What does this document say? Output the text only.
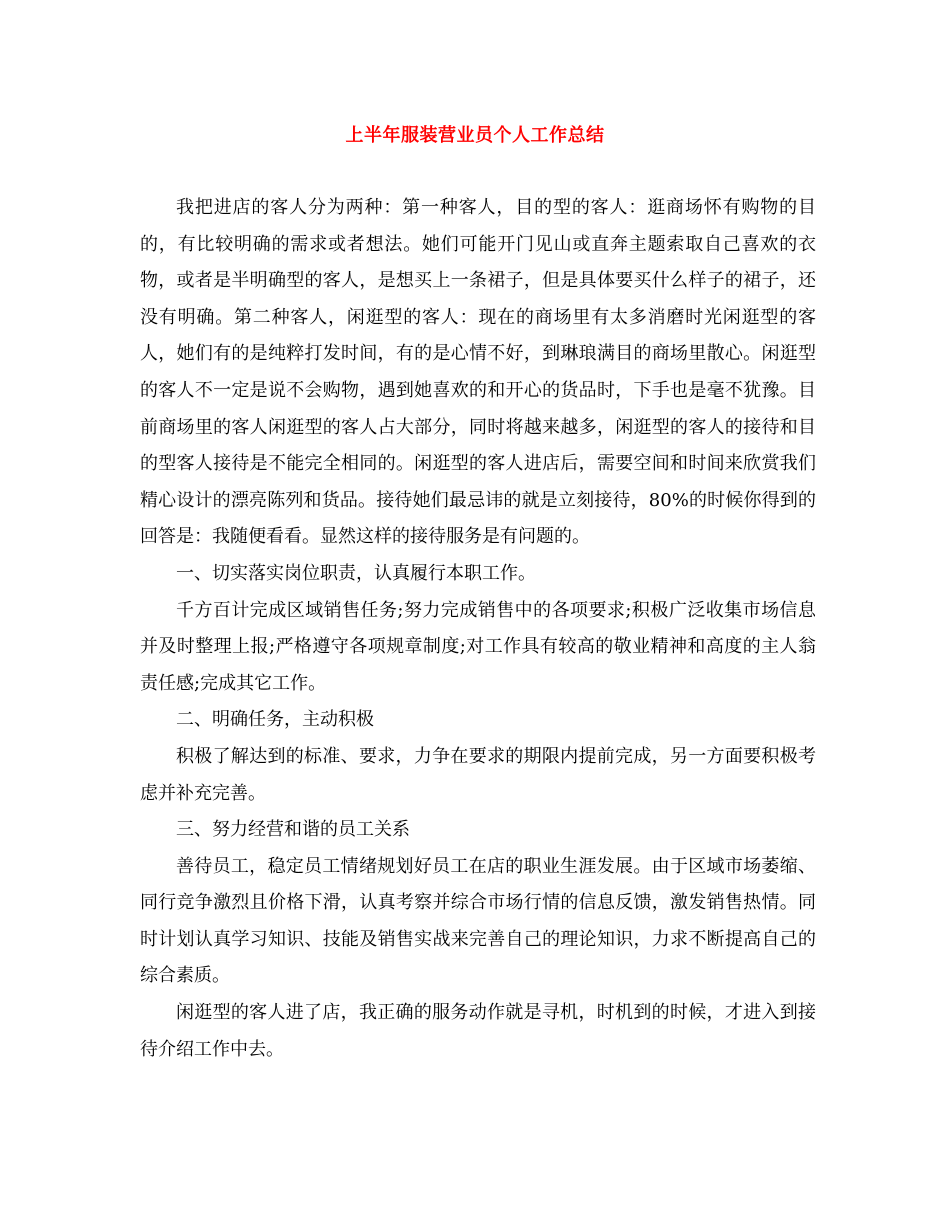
上半年服装营业员个人工作总结

我把进店的客人分为两种：第一种客人，目的型的客人：逛商场怀有购物的目的，有比较明确的需求或者想法。她们可能开门见山或直奔主题索取自己喜欢的衣物，或者是半明确型的客人，是想买上一条裙子，但是具体要买什么样子的裙子，还没有明确。第二种客人，闲逛型的客人：现在的商场里有太多消磨时光闲逛型的客人，她们有的是纯粹打发时间，有的是心情不好，到琳琅满目的商场里散心。闲逛型的客人不一定是说不会购物，遇到她喜欢的和开心的货品时，下手也是毫不犹豫。目前商场里的客人闲逛型的客人占大部分，同时将越来越多，闲逛型的客人的接待和目的型客人接待是不能完全相同的。闲逛型的客人进店后，需要空间和时间来欣赏我们精心设计的漂亮陈列和货品。接待她们最忌讳的就是立刻接待，80%的时候你得到的回答是：我随便看看。显然这样的接待服务是有问题的。

一、切实落实岗位职责，认真履行本职工作。

千方百计完成区域销售任务;努力完成销售中的各项要求;积极广泛收集市场信息并及时整理上报;严格遵守各项规章制度;对工作具有较高的敬业精神和高度的主人翁责任感;完成其它工作。

二、明确任务，主动积极

积极了解达到的标准、要求，力争在要求的期限内提前完成，另一方面要积极考虑并补充完善。

三、努力经营和谐的员工关系

善待员工，稳定员工情绪规划好员工在店的职业生涯发展。由于区域市场萎缩、同行竞争激烈且价格下滑，认真考察并综合市场行情的信息反馈，激发销售热情。同时计划认真学习知识、技能及销售实战来完善自己的理论知识，力求不断提高自己的综合素质。

闲逛型的客人进了店，我正确的服务动作就是寻机，时机到的时候，才进入到接待介绍工作中去。
